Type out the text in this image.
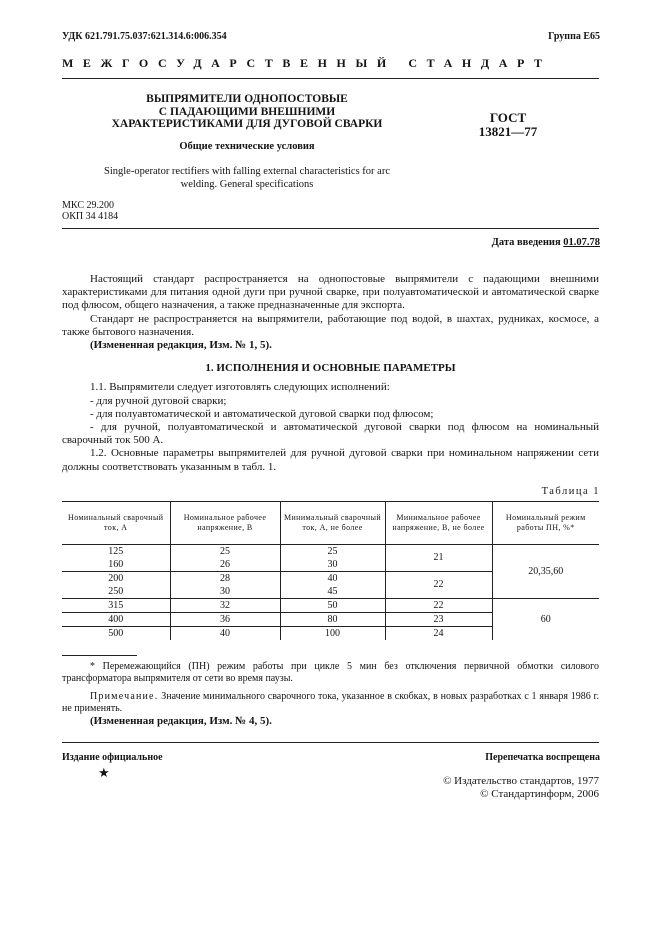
УДК 621.791.75.037:621.314.6:006.354	Группа Е65
МЕЖГОСУДАРСТВЕННЫЙ СТАНДАРТ
ВЫПРЯМИТЕЛИ ОДНОПОСТОВЫЕ
С ПАДАЮЩИМИ ВНЕШНИМИ
ХАРАКТЕРИСТИКАМИ ДЛЯ ДУГОВОЙ СВАРКИ	ГОСТ
13821—77
Общие технические условия
Single-operator rectifiers with falling external characteristics for arc
welding. General specifications
МКС 29.200
ОКП 34 4184
Дата введения 01.07.78

Настоящий стандарт распространяется на однопостовые выпрямители с падающими внешними характеристиками для питания одной дуги при ручной сварке, при полуавтоматической и автоматической сварке под флюсом, общего назначения, а также предназначенные для экспорта.

Стандарт не распространяется на выпрямители, работающие под водой, в шахтах, рудниках, космосе, а также бытового назначения.

(Измененная редакция, Изм. № 1, 5).

1. ИСПОЛНЕНИЯ И ОСНОВНЫЕ ПАРАМЕТРЫ

1.1. Выпрямители следует изготовлять следующих исполнений:

- для ручной дуговой сварки;

- для полуавтоматической и автоматической дуговой сварки под флюсом;

- для ручной, полуавтоматической и автоматической дуговой сварки под флюсом на номинальный сварочный ток 500 А.

1.2. Основные параметры выпрямителей для ручной дуговой сварки при номинальном напряжении сети должны соответствовать указанным в табл. 1.

Таблица 1
Номинальный сварочный ток, А	Номинальное рабочее напряжение, В	Минимальный сварочный ток, А, не более	Минимальное рабочее напряжение, В, не более	Номинальный режим работы ПН, %*
125	25	25	21	20,35,60
160	26	30		
200	28	40	22	
250	30	45		
315	32	50	22	60
400	36	80	23	
500	40	100	24	

* Перемежающийся (ПН) режим работы при цикле 5 мин без отключения первичной обмотки силового трансформатора выпрямителя от сети во время паузы.

Примечание. Значение минимального сварочного тока, указанное в скобках, в новых разработках с 1 января 1986 г. не применять.

(Измененная редакция, Изм. № 4, 5).
Издание официальное
★
Перепечатка воспрещена
© Издательство стандартов, 1977
© Стандартинформ, 2006
